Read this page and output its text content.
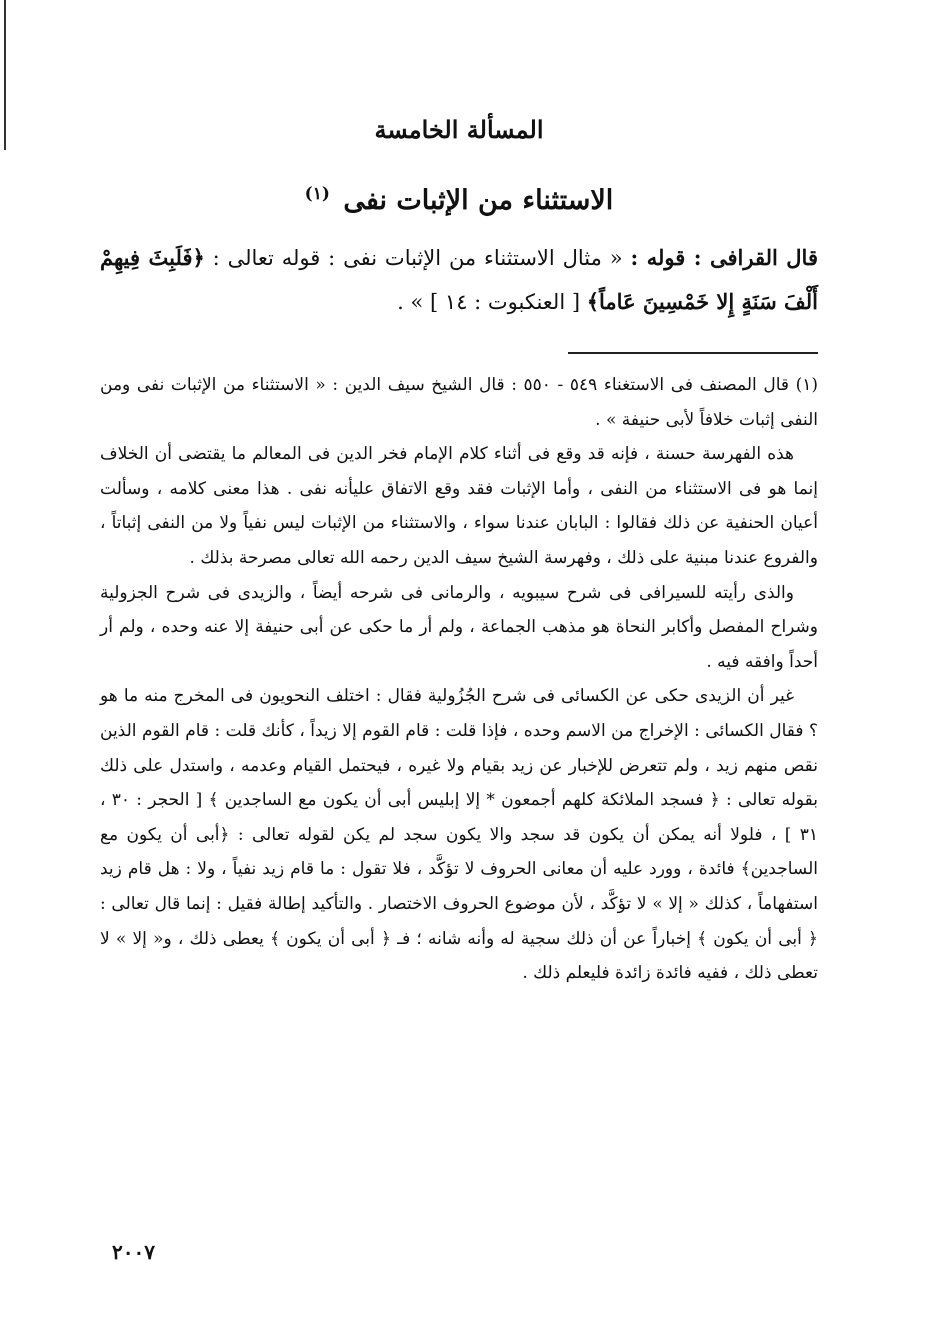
المسألة الخامسة
الاستثناء من الإثبات نفى $^{(١)}$

قال القرافى : قوله : « مثال الاستثناء من الإثبات نفى : قوله تعالى : ﴿فَلَبِثَ فِيهِمْ أَلْفَ سَنَةٍ إِلا خَمْسِينَ عَاماً﴾ [ العنكبوت : ١٤ ] » .

(١) قال المصنف فى الاستغناء ٥٤٩ - ٥٥٠ : قال الشيخ سيف الدين : « الاستثناء من الإثبات نفى ومن النفى إثبات خلافاً لأبى حنيفة » .

هذه الفهرسة حسنة ، فإنه قد وقع فى أثناء كلام الإمام فخر الدين فى المعالم ما يقتضى أن الخلاف إنما هو فى الاستثناء من النفى ، وأما الإثبات فقد وقع الاتفاق عليأنه نفى . هذا معنى كلامه ، وسألت أعيان الحنفية عن ذلك فقالوا : البابان عندنا سواء ، والاستثناء من الإثبات ليس نفياً ولا من النفى إثباتاً ، والفروع عندنا مبنية على ذلك ، وفهرسة الشيخ سيف الدين رحمه الله تعالى مصرحة بذلك .

والذى رأيته للسيرافى فى شرح سيبويه ، والرمانى فى شرحه أيضاً ، والزيدى فى شرح الجزولية وشراح المفصل وأكابر النحاة هو مذهب الجماعة ، ولم أر ما حكى عن أبى حنيفة إلا عنه وحده ، ولم أر أحداً وافقه فيه .

غير أن الزيدى حكى عن الكسائى فى شرح الجُزُولية فقال : اختلف النحويون فى المخرج منه ما هو ؟ فقال الكسائى : الإخراج من الاسم وحده ، فإذا قلت : قام القوم إلا زيداً ، كأنك قلت : قام القوم الذين نقص منهم زيد ، ولم تتعرض للإخبار عن زيد بقيام ولا غيره ، فيحتمل القيام وعدمه ، واستدل على ذلك بقوله تعالى : ﴿ فسجد الملائكة كلهم أجمعون * إلا إبليس أبى أن يكون مع الساجدين ﴾ [ الحجر : ٣٠ ، ٣١ ] ، فلولا أنه يمكن أن يكون قد سجد والا يكون سجد لم يكن لقوله تعالى : ﴿أبى أن يكون مع الساجدين﴾ فائدة ، وورد عليه أن معانى الحروف لا تؤكَّد ، فلا تقول : ما قام زيد نفياً ، ولا : هل قام زيد استفهاماً ، كذلك « إلا » لا تؤكَّد ، لأن موضوع الحروف الاختصار . والتأكيد إطالة فقيل : إنما قال تعالى : ﴿ أبى أن يكون ﴾ إخباراً عن أن ذلك سجية له وأنه شانه ؛ فـ ﴿ أبى أن يكون ﴾ يعطى ذلك ، و« إلا » لا تعطى ذلك ، ففيه فائدة زائدة فليعلم ذلك .

٢٠٠٧
